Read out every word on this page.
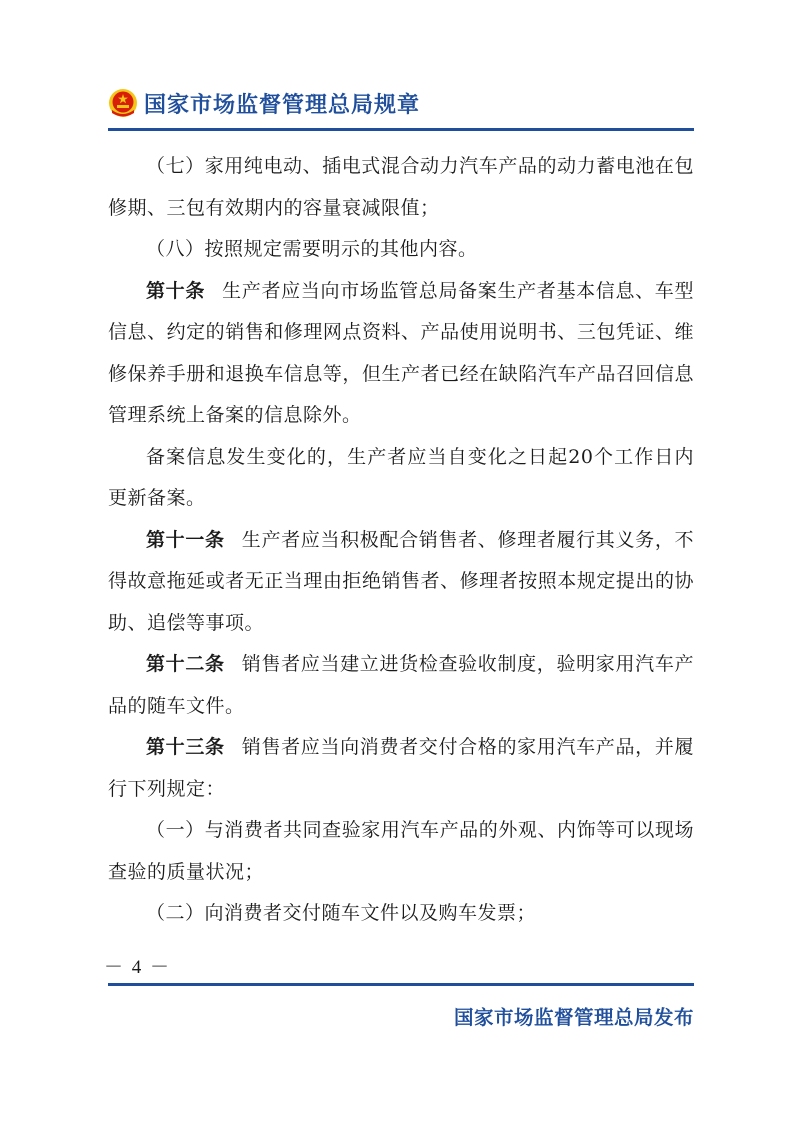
国家市场监督管理总局规章

（七）家用纯电动、插电式混合动力汽车产品的动力蓄电池在包修期、三包有效期内的容量衰减限值；

（八）按照规定需要明示的其他内容。

第十条 生产者应当向市场监管总局备案生产者基本信息、车型信息、约定的销售和修理网点资料、产品使用说明书、三包凭证、维修保养手册和退换车信息等，但生产者已经在缺陷汽车产品召回信息管理系统上备案的信息除外。

备案信息发生变化的，生产者应当自变化之日起20个工作日内更新备案。

第十一条 生产者应当积极配合销售者、修理者履行其义务，不得故意拖延或者无正当理由拒绝销售者、修理者按照本规定提出的协助、追偿等事项。

第十二条 销售者应当建立进货检查验收制度，验明家用汽车产品的随车文件。

第十三条 销售者应当向消费者交付合格的家用汽车产品，并履行下列规定：

（一）与消费者共同查验家用汽车产品的外观、内饰等可以现场查验的质量状况；

（二）向消费者交付随车文件以及购车发票；

－ 4 －
国家市场监督管理总局发布
